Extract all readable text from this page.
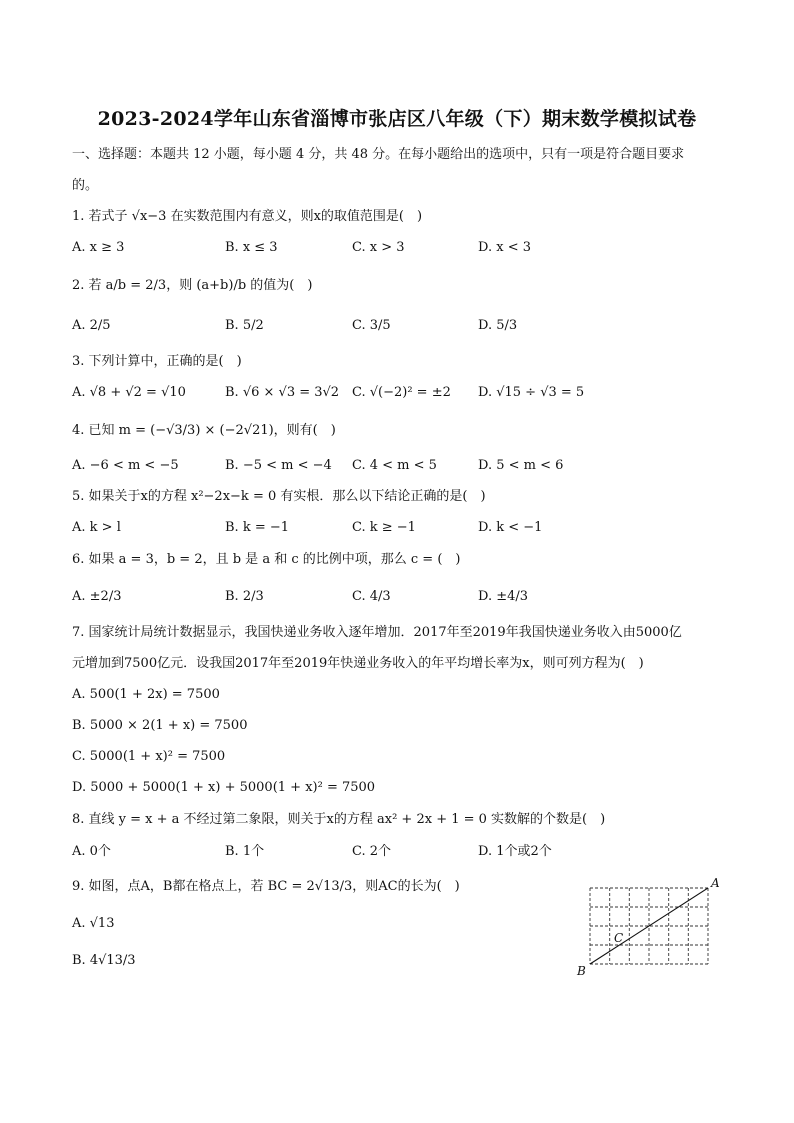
2023-2024学年山东省淄博市张店区八年级（下）期末数学模拟试卷
一、选择题：本题共 12 小题，每小题 4 分，共 48 分。在每小题给出的选项中，只有一项是符合题目要求
的。
1. 若式子 √x−3 在实数范围内有意义，则x的取值范围是(　)
A. x ≥ 3	B. x ≤ 3	C. x > 3	D. x < 3
2. 若 a/b = 2/3，则 (a+b)/b 的值为(　)
A. 2/5	B. 5/2	C. 3/5	D. 5/3
3. 下列计算中，正确的是(　)
A. √8 + √2 = √10	B. √6 × √3 = 3√2 C. √(−2)² = ±2 D. √15 ÷ √3 = 5
4. 已知 m = (−√3/3) × (−2√21)，则有(　)
A. −6 < m < −5	B. −5 < m < −4 C. 4 < m < 5	D. 5 < m < 6
5. 如果关于x的方程 x²−2x−k = 0 有实根．那么以下结论正确的是(　)
A. k > l	B. k = −1	C. k ≥ −1	D. k < −1
6. 如果 a = 3，b = 2，且 b 是 a 和 c 的比例中项，那么 c = (　)
A. ±2/3	B. 2/3	C. 4/3	D. ±4/3
7. 国家统计局统计数据显示，我国快递业务收入逐年增加．2017年至2019年我国快递业务收入由5000亿
元增加到7500亿元．设我国2017年至2019年快递业务收入的年平均增长率为x，则可列方程为(　)
A. 500(1 + 2x) = 7500
B. 5000 × 2(1 + x) = 7500
C. 5000(1 + x)² = 7500
D. 5000 + 5000(1 + x) + 5000(1 + x)² = 7500
8. 直线 y = x + a 不经过第二象限，则关于x的方程 ax² + 2x + 1 = 0 实数解的个数是(　)
A. 0个	B. 1个	C. 2个	D. 1个或2个
9. 如图，点A，B都在格点上，若 BC = 2√13/3，则AC的长为(　)
A. √13
B. 4√13/3
A
B
C
